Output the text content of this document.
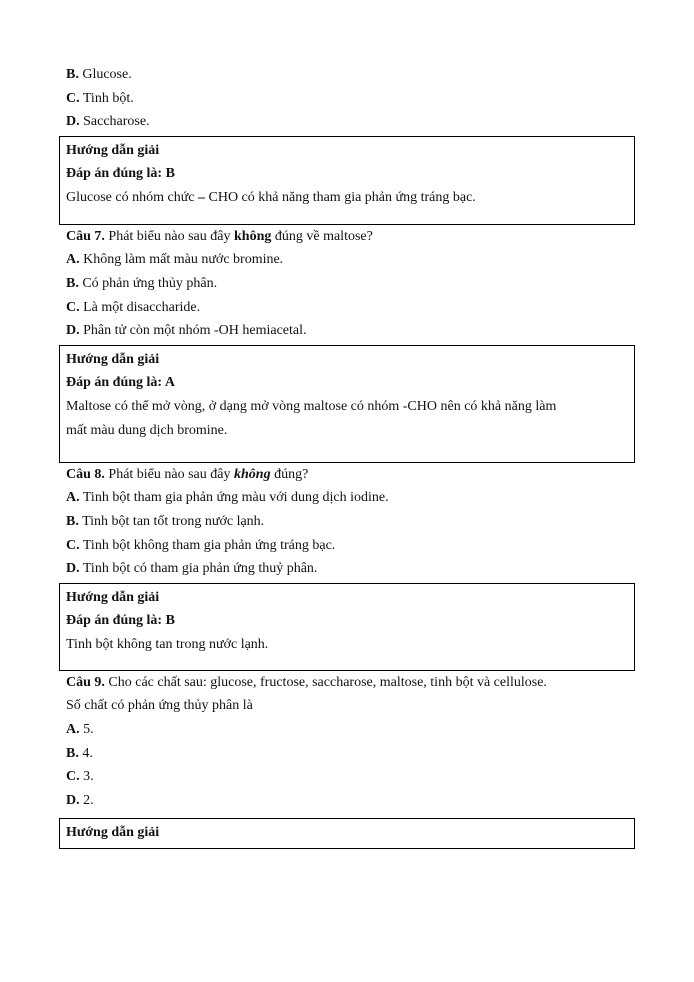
B. Glucose.
C. Tinh bột.
D. Saccharose.
Hướng dẫn giải
Đáp án đúng là: B
Glucose có nhóm chức – CHO có khả năng tham gia phản ứng tráng bạc.
Câu 7. Phát biểu nào sau đây không đúng về maltose?
A. Không làm mất màu nước bromine.
B. Có phản ứng thủy phân.
C. Là một disaccharide.
D. Phân tử còn một nhóm -OH hemiacetal.
Hướng dẫn giải
Đáp án đúng là: A
Maltose có thể mở vòng, ở dạng mở vòng maltose có nhóm -CHO nên có khả năng làm
mất màu dung dịch bromine.
Câu 8. Phát biểu nào sau đây không đúng?
A. Tinh bột tham gia phản ứng màu với dung dịch iodine.
B. Tinh bột tan tốt trong nước lạnh.
C. Tinh bột không tham gia phản ứng tráng bạc.
D. Tinh bột có tham gia phản ứng thuỷ phân.
Hướng dẫn giải
Đáp án đúng là: B
Tinh bột không tan trong nước lạnh.
Câu 9. Cho các chất sau: glucose, fructose, saccharose, maltose, tinh bột và cellulose.
Số chất có phản ứng thủy phân là
A. 5.
B. 4.
C. 3.
D. 2.
Hướng dẫn giải
